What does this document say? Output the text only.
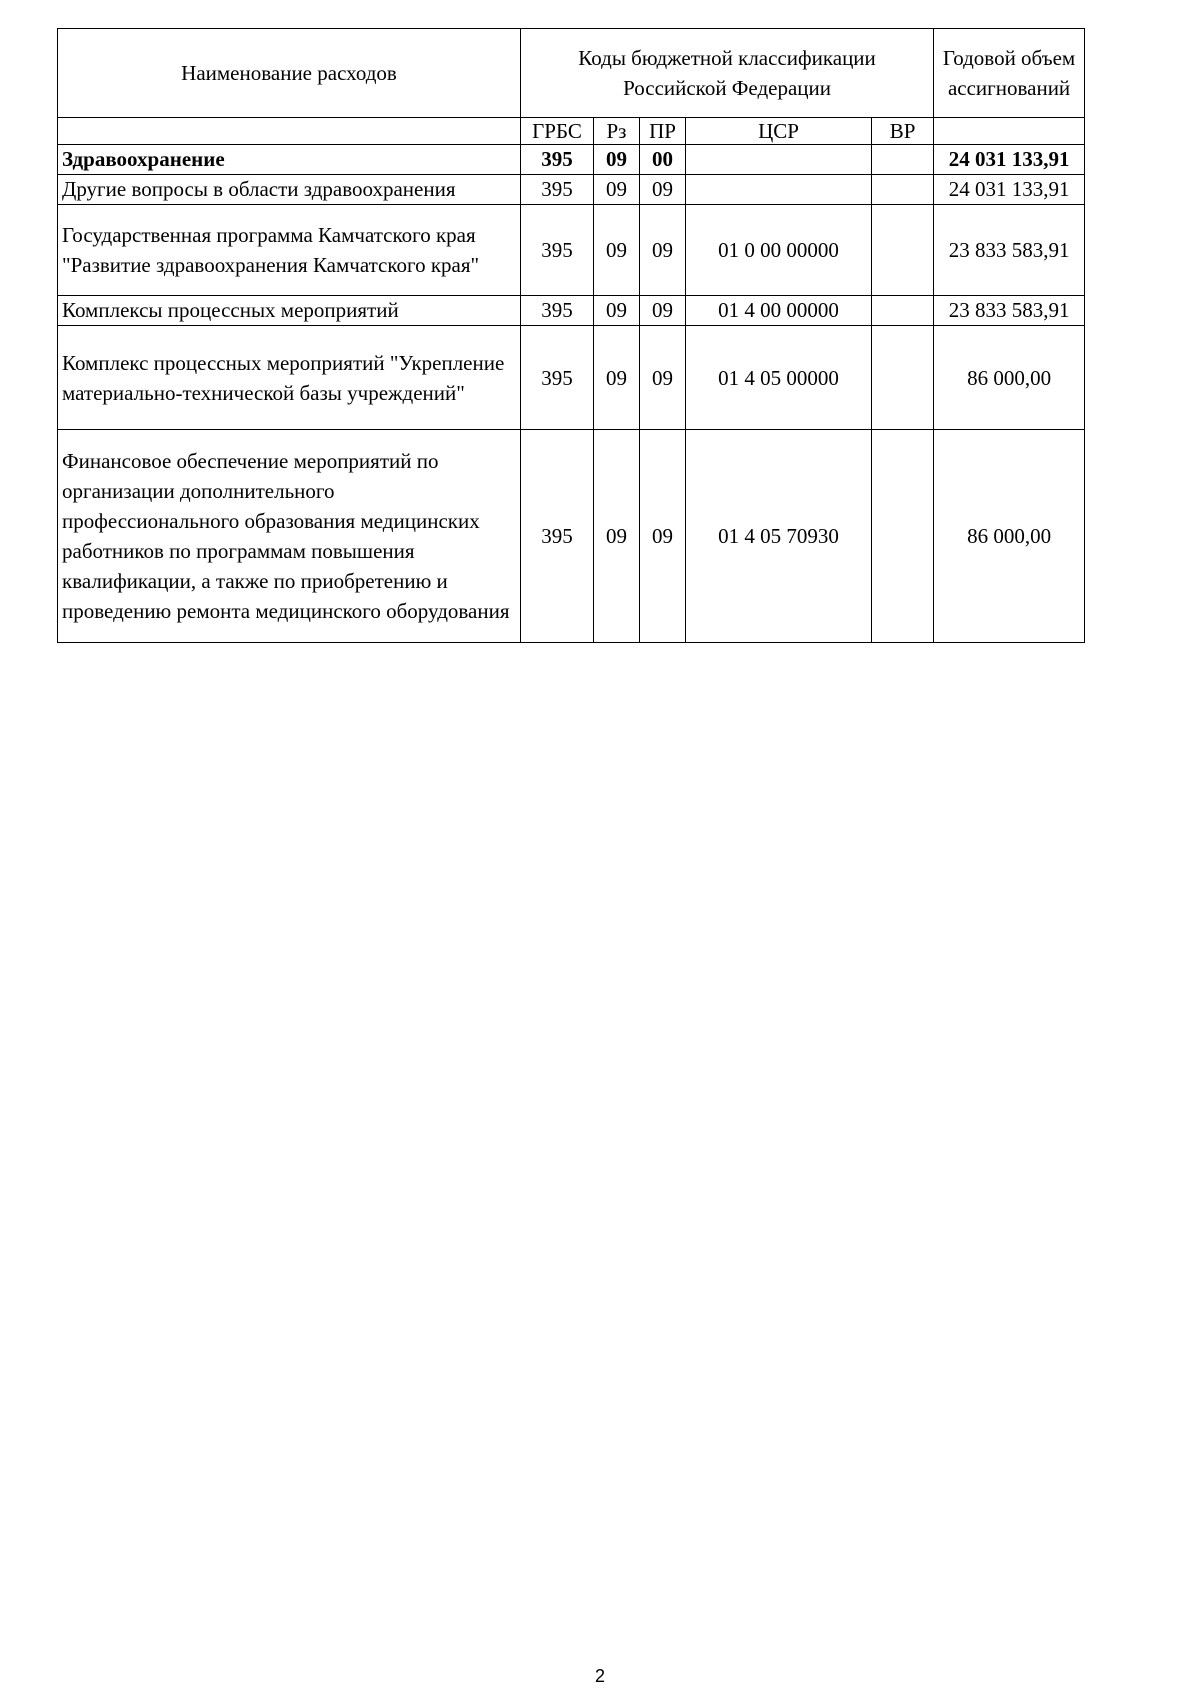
Наименование расходов	Коды бюджетной классификации Российской Федерации					Годовой объем ассигнований
	ГРБС	Рз	ПР	ЦСР	ВР	
Здравоохранение	395	09	00			24 031 133,91
Другие вопросы в области здравоохранения	395	09	09			24 031 133,91
Государственная программа Камчатского края "Развитие здравоохранения Камчатского края"	395	09	09	01 0 00 00000		23 833 583,91
Комплексы процессных мероприятий	395	09	09	01 4 00 00000		23 833 583,91
Комплекс процессных мероприятий "Укрепление материально-технической базы учреждений"	395	09	09	01 4 05 00000		86 000,00
Финансовое обеспечение мероприятий по организации дополнительного профессионального образования медицинских работников по программам повышения квалификации, а также по приобретению и проведению ремонта медицинского оборудования	395	09	09	01 4 05 70930		86 000,00
2
